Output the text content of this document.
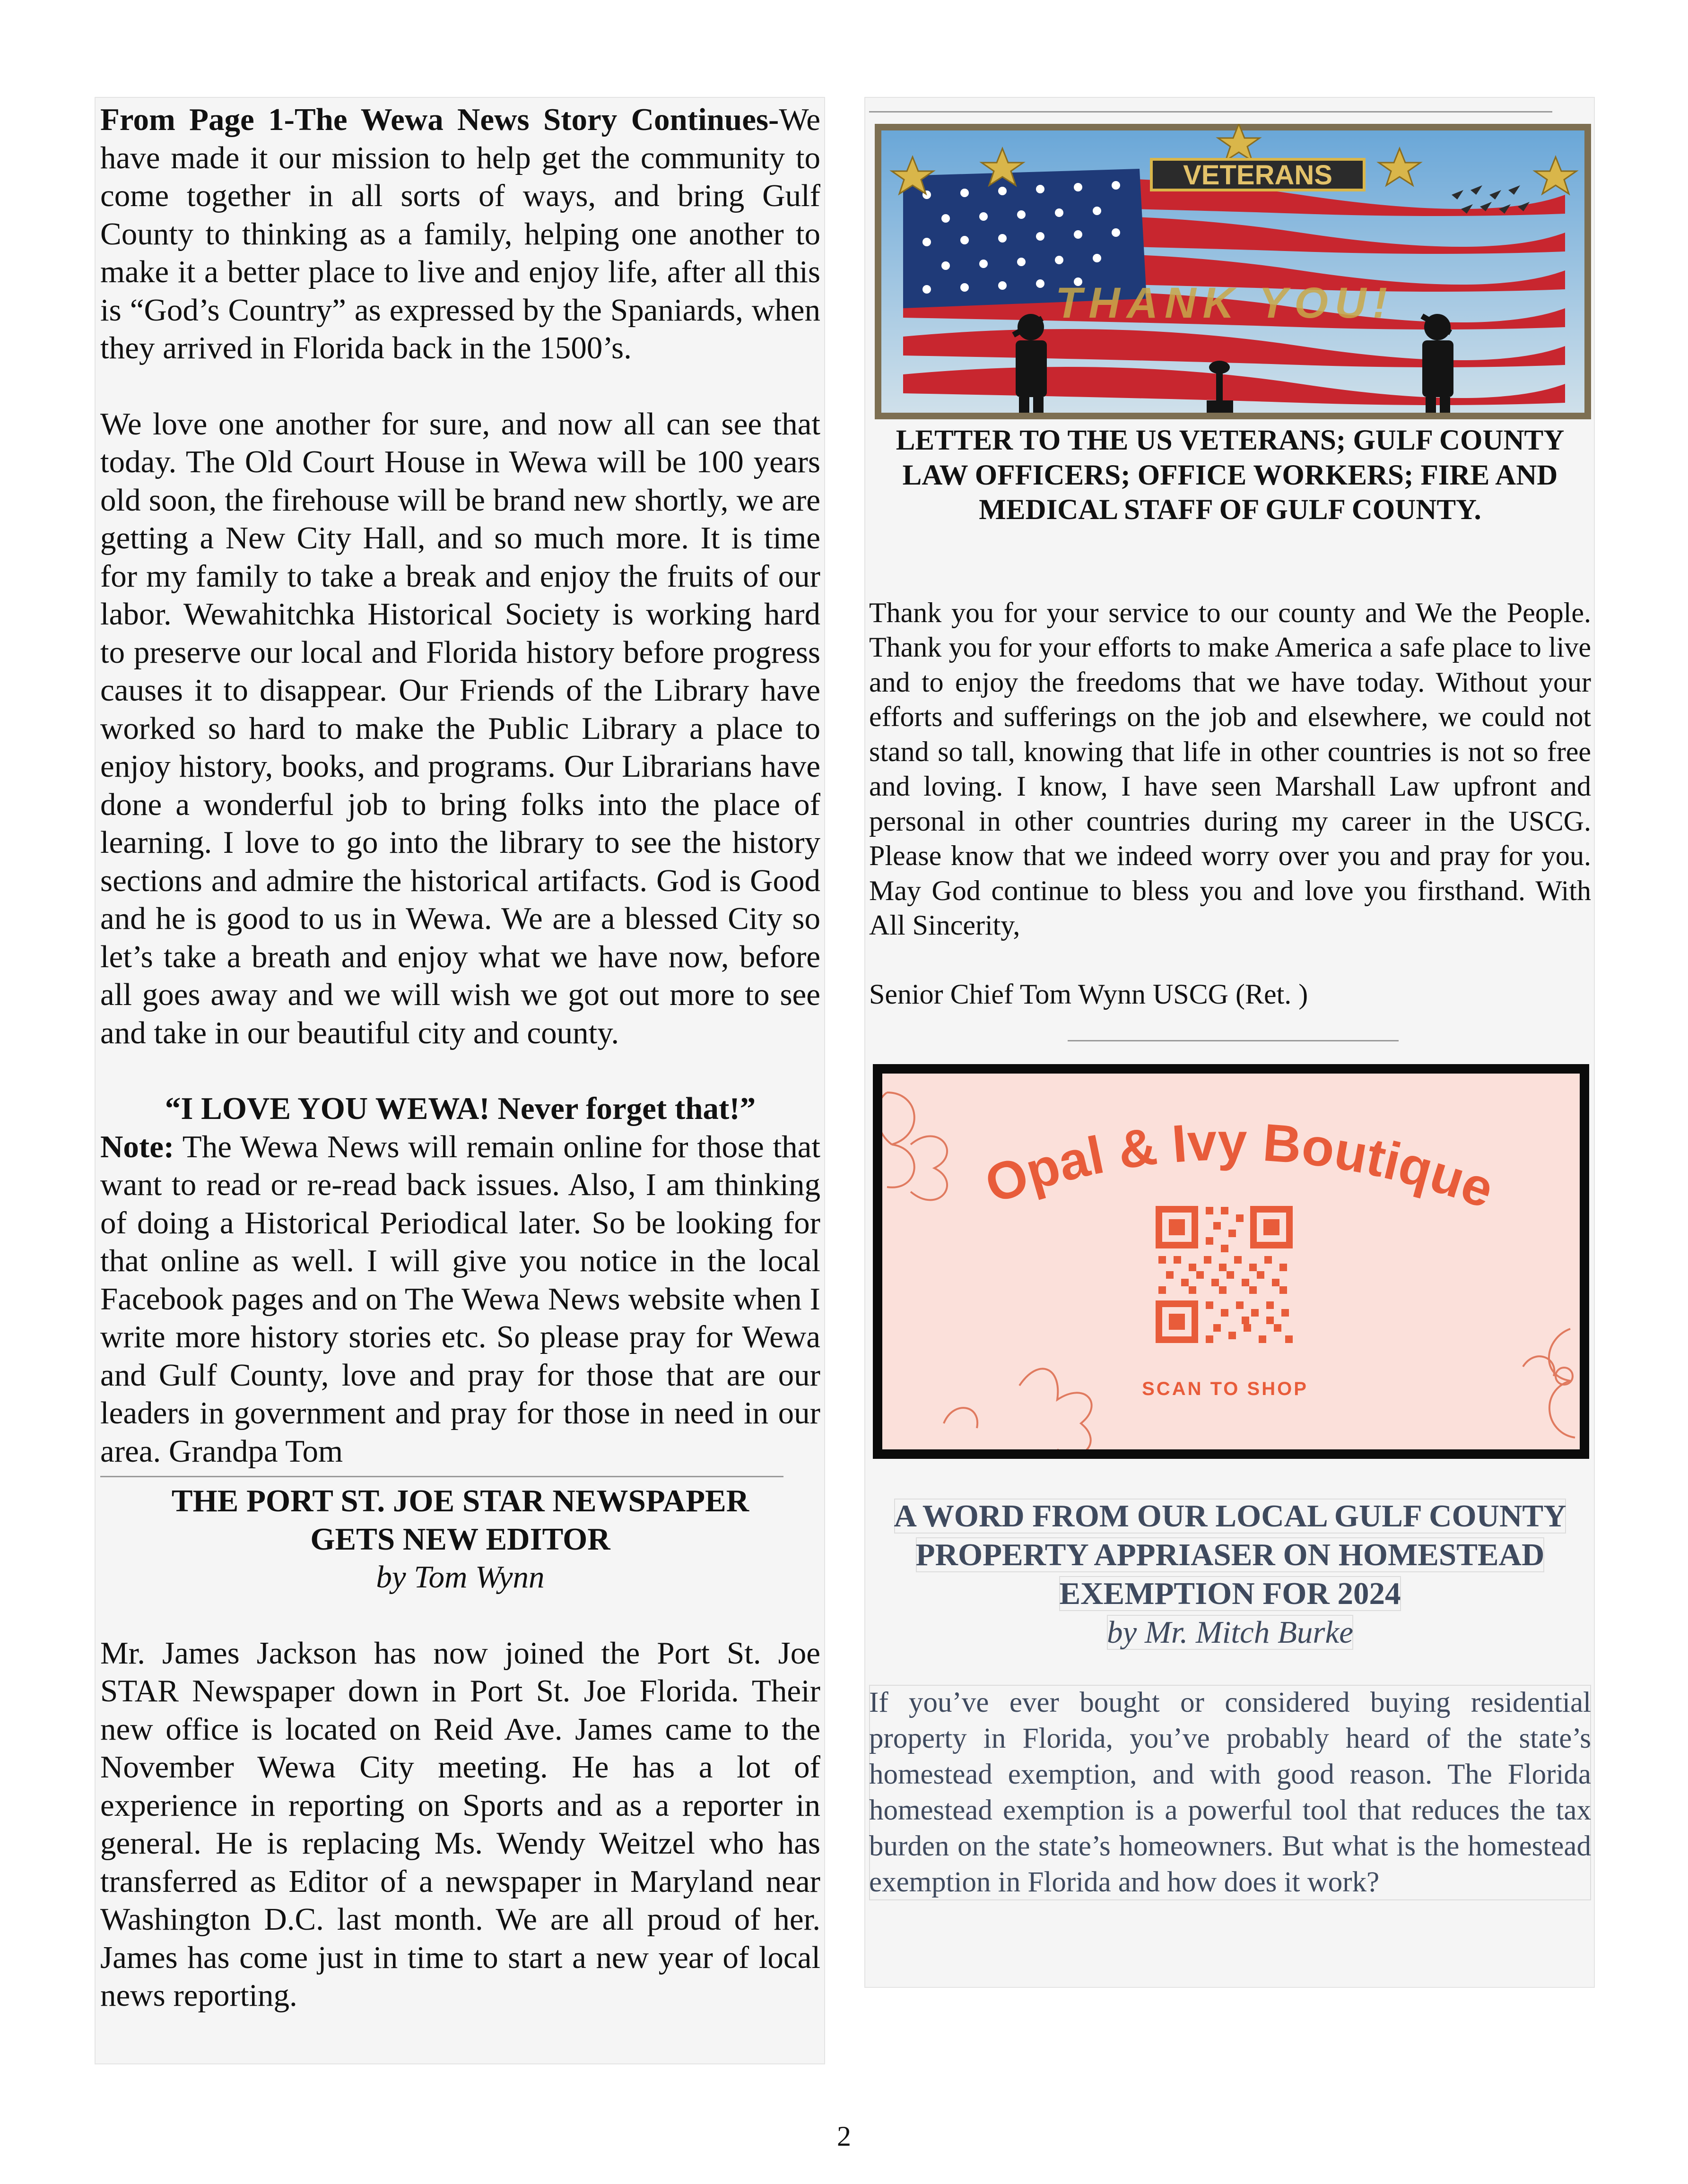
From Page 1-The Wewa News Story Continues-We have made it our mission to help get the community to come together in all sorts of ways, and bring Gulf County to thinking as a family, helping one another to make it a better place to live and enjoy life, after all this is “God’s Country” as expressed by the Spaniards, when they arrived in Florida back in the 1500’s.

We love one another for sure, and now all can see that today. The Old Court House in Wewa will be 100 years old soon, the firehouse will be brand new shortly, we are getting a New City Hall, and so much more. It is time for my family to take a break and enjoy the fruits of our labor. Wewahitchka Historical Society is working hard to preserve our local and Florida history before progress causes it to disappear. Our Friends of the Library have worked so hard to make the Public Library a place to enjoy history, books, and programs. Our Librarians have done a wonderful job to bring folks into the place of learning. I love to go into the library to see the history sections and admire the historical artifacts. God is Good and he is good to us in Wewa. We are a blessed City so let’s take a breath and enjoy what we have now, before all goes away and we will wish we got out more to see and take in our beautiful city and county.

“I LOVE YOU WEWA! Never forget that!”

Note: The Wewa News will remain online for those that want to read or re-read back issues. Also, I am thinking of doing a Historical Periodical later. So be looking for that online as well. I will give you notice in the local Facebook pages and on The Wewa News website when I write more history stories etc. So please pray for Wewa and Gulf County, love and pray for those that are our leaders in government and pray for those in need in our area. Grandpa Tom

THE PORT ST. JOE STAR NEWSPAPER
GETS NEW EDITOR
by Tom Wynn

Mr. James Jackson has now joined the Port St. Joe STAR Newspaper down in Port St. Joe Florida. Their new office is located on Reid Ave. James came to the November Wewa City meeting. He has a lot of experience in reporting on Sports and as a reporter in general. He is replacing Ms. Wendy Weitzel who has transferred as Editor of a newspaper in Maryland near Washington D.C. last month. We are all proud of her. James has come just in time to start a new year of local news reporting.

VETERANS
THANK YOU!
LETTER TO THE US VETERANS; GULF COUNTY LAW OFFICERS; OFFICE WORKERS; FIRE AND MEDICAL STAFF OF GULF COUNTY.

Thank you for your service to our county and We the People. Thank you for your efforts to make America a safe place to live and to enjoy the freedoms that we have today. Without your efforts and sufferings on the job and elsewhere, we could not stand so tall, knowing that life in other countries is not so free and loving. I know, I have seen Marshall Law upfront and personal in other countries during my career in the USCG. Please know that we indeed worry over you and pray for you. May God continue to bless you and love you firsthand. With All Sincerity,

Senior Chief Tom Wynn USCG (Ret. )

Opal & Ivy Boutique
SCAN TO SHOP
A WORD FROM OUR LOCAL GULF COUNTY
PROPERTY APPRIASER ON HOMESTEAD
EXEMPTION FOR 2024
by Mr. Mitch Burke

If you’ve ever bought or considered buying residential property in Florida, you’ve probably heard of the state’s homestead exemption, and with good reason. The Florida homestead exemption is a powerful tool that reduces the tax burden on the state’s homeowners. But what is the homestead exemption in Florida and how does it work?

2
